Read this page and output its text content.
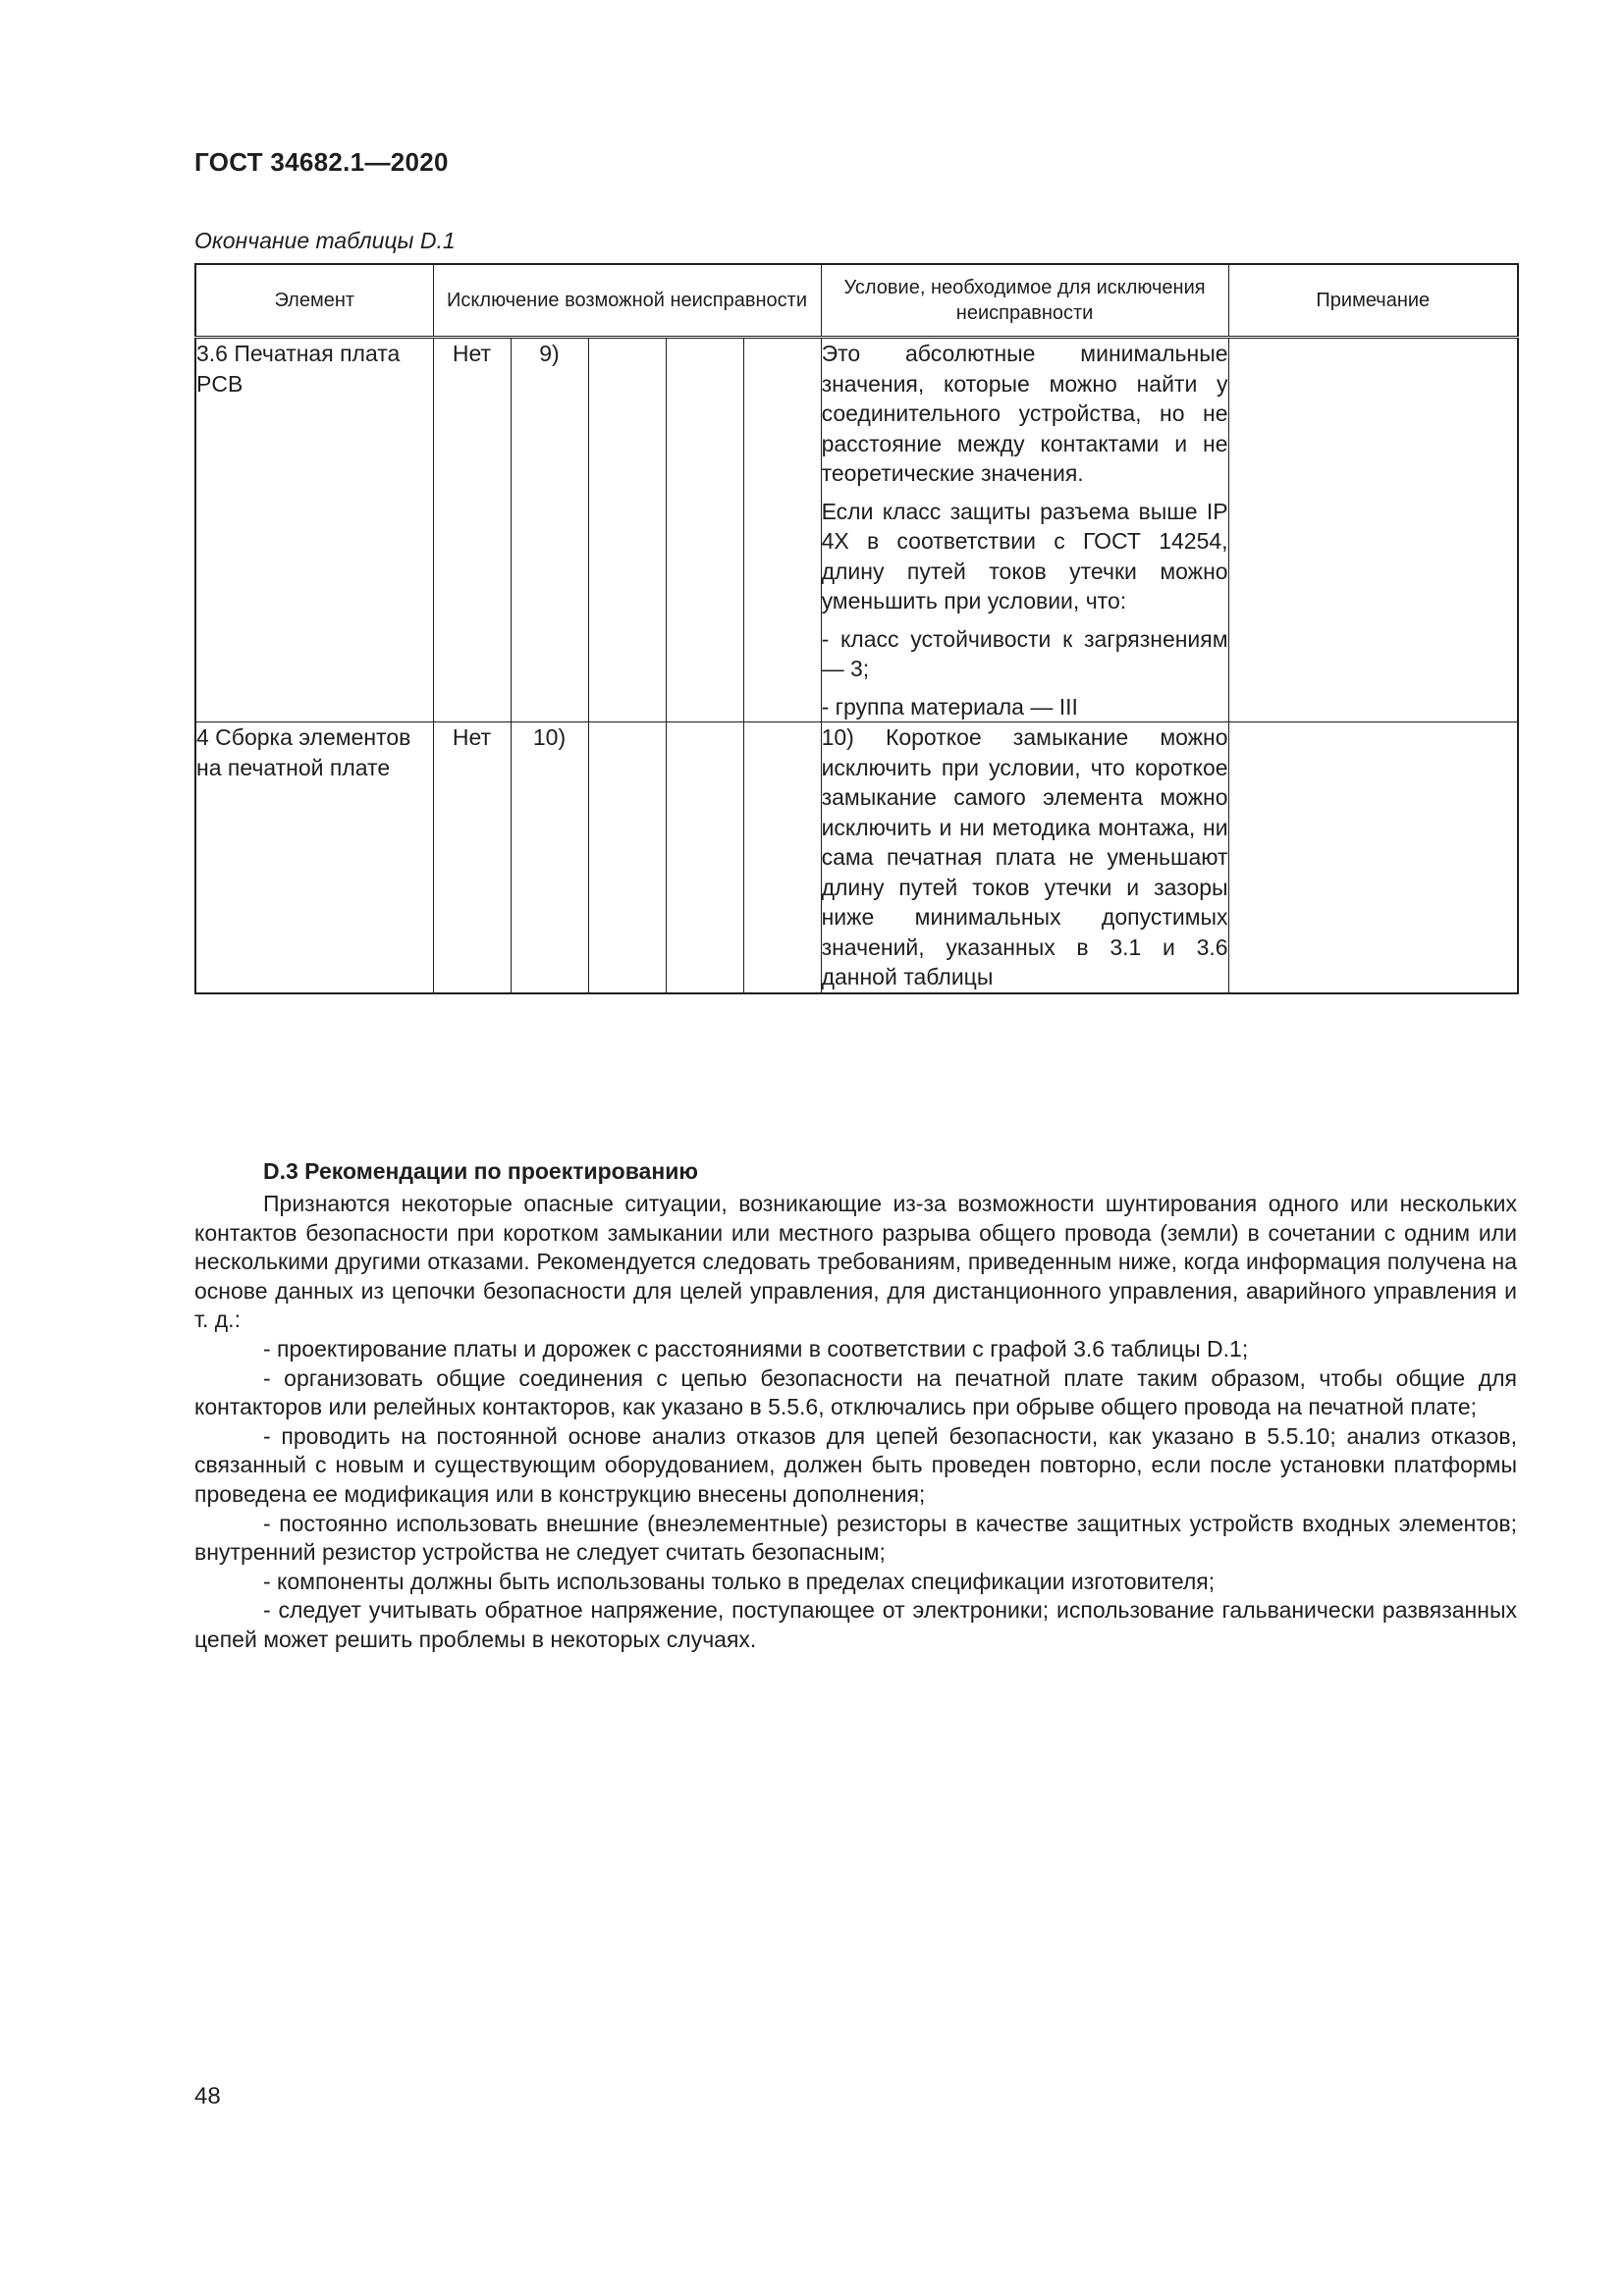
ГОСТ 34682.1—2020
Окончание таблицы D.1
Элемент	Исключение возможной неисправности					Условие, необходимое для исключения неисправности	Примечание
3.6 Печатная плата PCB	Нет	9)				Это абсолютные минимальные значения, которые можно найти у соединительного устройства, но не расстояние между контактами и не теоретические значения.

Если класс защиты разъема выше IP 4X в соответствии с ГОСТ 14254, длину путей токов утечки можно уменьшить при условии, что:

- класс устойчивости к загрязнениям — 3;

- группа материала — III	

4 Сборка элементов на печатной плате	Нет	10)				10) Короткое замыкание можно исключить при условии, что короткое замыкание самого элемента можно исключить и ни методика монтажа, ни сама печатная плата не уменьшают длину путей токов утечки и зазоры ниже минимальных допустимых значений, указанных в 3.1 и 3.6 данной таблицы	

D.3 Рекомендации по проектированию

Признаются некоторые опасные ситуации, возникающие из-за возможности шунтирования одного или нескольких контактов безопасности при коротком замыкании или местного разрыва общего провода (земли) в сочетании с одним или несколькими другими отказами. Рекомендуется следовать требованиям, приведенным ниже, когда информация получена на основе данных из цепочки безопасности для целей управления, для дистанционного управления, аварийного управления и т. д.:

- проектирование платы и дорожек с расстояниями в соответствии с графой 3.6 таблицы D.1;

- организовать общие соединения с цепью безопасности на печатной плате таким образом, чтобы общие для контакторов или релейных контакторов, как указано в 5.5.6, отключались при обрыве общего провода на печатной плате;

- проводить на постоянной основе анализ отказов для цепей безопасности, как указано в 5.5.10; анализ отказов, связанный с новым и существующим оборудованием, должен быть проведен повторно, если после установки платформы проведена ее модификация или в конструкцию внесены дополнения;

- постоянно использовать внешние (внеэлементные) резисторы в качестве защитных устройств входных элементов; внутренний резистор устройства не следует считать безопасным;

- компоненты должны быть использованы только в пределах спецификации изготовителя;

- следует учитывать обратное напряжение, поступающее от электроники; использование гальванически развязанных цепей может решить проблемы в некоторых случаях.

48
